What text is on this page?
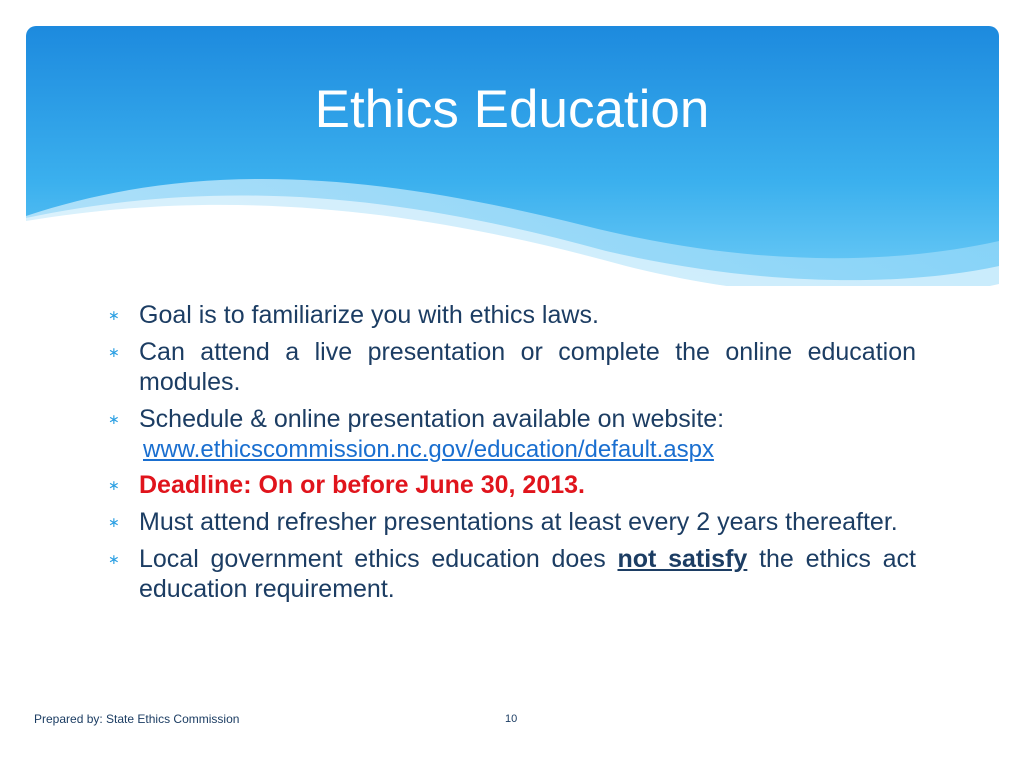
Ethics Education
∗ Goal is to familiarize you with ethics laws.
∗ Can attend a live presentation or complete the online education modules.
∗ Schedule & online presentation available on website:
www.ethicscommission.nc.gov/education/default.aspx
∗ Deadline: On or before June 30, 2013.
∗ Must attend refresher presentations at least every 2 years thereafter.
∗ Local government ethics education does not satisfy the ethics act education requirement.
Prepared by: State Ethics Commission	10
